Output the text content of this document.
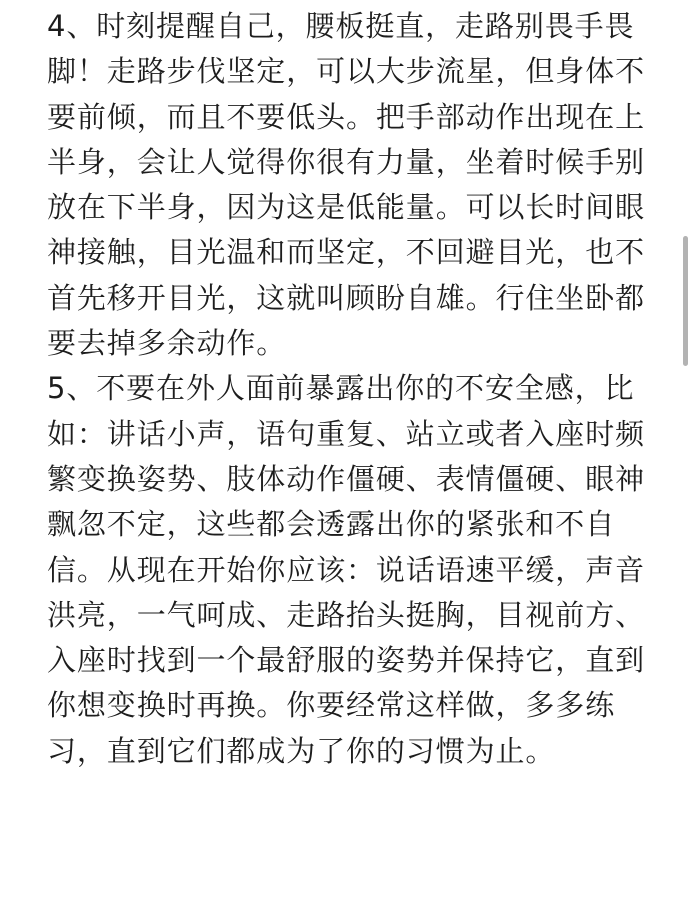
4、时刻提醒自己，腰板挺直，走路别畏手畏
脚！走路步伐坚定，可以大步流星，但身体不
要前倾，而且不要低头。把手部动作出现在上
半身，会让人觉得你很有力量，坐着时候手别
放在下半身，因为这是低能量。可以长时间眼
神接触，目光温和而坚定，不回避目光，也不
首先移开目光，这就叫顾盼自雄。行住坐卧都
要去掉多余动作。

5、不要在外人面前暴露出你的不安全感，比
如：讲话小声，语句重复、站立或者入座时频
繁变换姿势、肢体动作僵硬、表情僵硬、眼神
飘忽不定，这些都会透露出你的紧张和不自
信。从现在开始你应该：说话语速平缓，声音
洪亮，一气呵成、走路抬头挺胸，目视前方、
入座时找到一个最舒服的姿势并保持它，直到
你想变换时再换。你要经常这样做，多多练
习，直到它们都成为了你的习惯为止。
